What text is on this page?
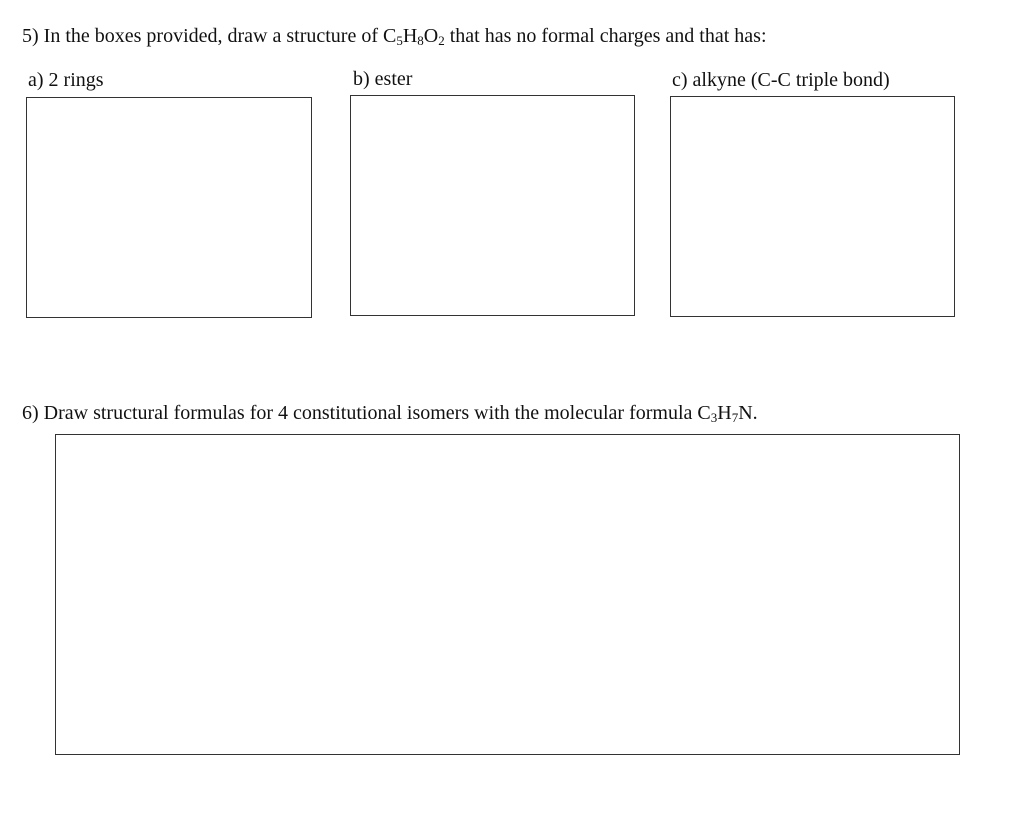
5) In the boxes provided, draw a structure of $C_5H_8O_2$ that has no formal charges and that has:
a) 2 rings	b) ester	c) alkyne (C-C triple bond)
6) Draw structural formulas for 4 constitutional isomers with the molecular formula $C_3H_7N$.
